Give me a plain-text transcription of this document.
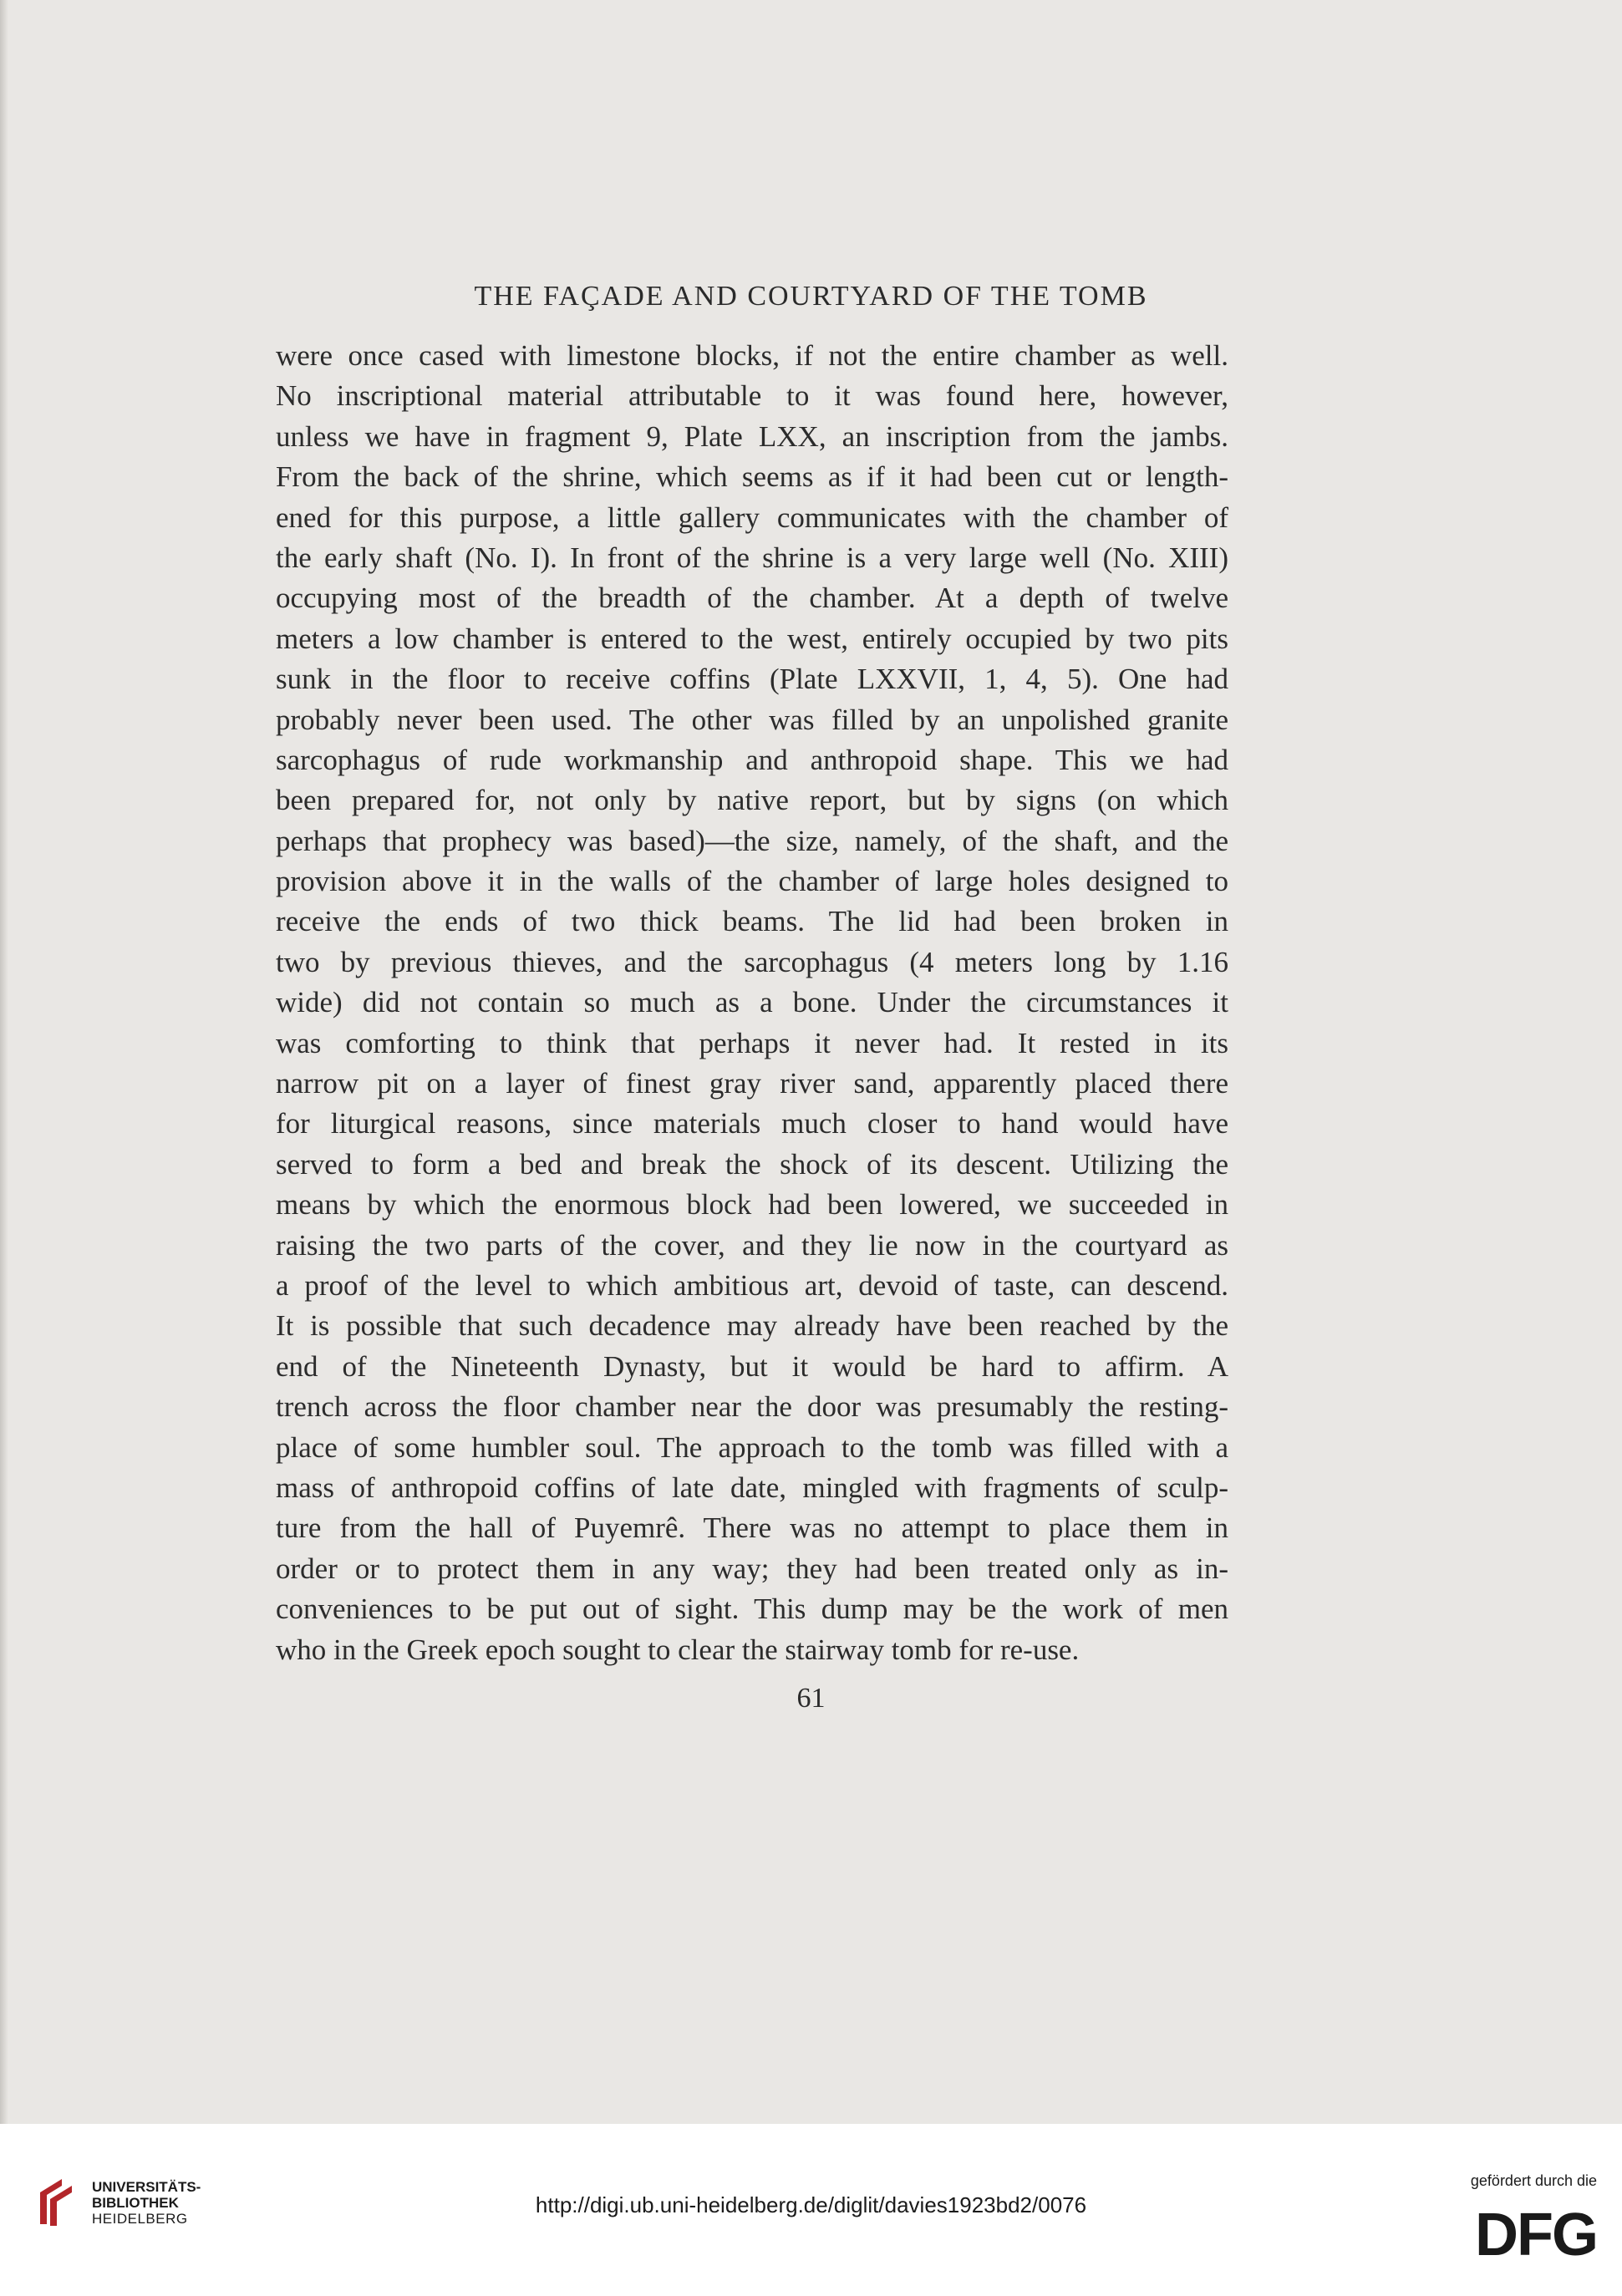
THE FAÇADE AND COURTYARD OF THE TOMB
were once cased with limestone blocks, if not the entire chamber as well.
No inscriptional material attributable to it was found here, however,
unless we have in fragment 9, Plate LXX, an inscription from the jambs.
From the back of the shrine, which seems as if it had been cut or length-
ened for this purpose, a little gallery communicates with the chamber of
the early shaft (No. I). In front of the shrine is a very large well (No. XIII)
occupying most of the breadth of the chamber. At a depth of twelve
meters a low chamber is entered to the west, entirely occupied by two pits
sunk in the floor to receive coffins (Plate LXXVII, 1, 4, 5). One had
probably never been used. The other was filled by an unpolished granite
sarcophagus of rude workmanship and anthropoid shape. This we had
been prepared for, not only by native report, but by signs (on which
perhaps that prophecy was based)—the size, namely, of the shaft, and the
provision above it in the walls of the chamber of large holes designed to
receive the ends of two thick beams. The lid had been broken in
two by previous thieves, and the sarcophagus (4 meters long by 1.16
wide) did not contain so much as a bone. Under the circumstances it
was comforting to think that perhaps it never had. It rested in its
narrow pit on a layer of finest gray river sand, apparently placed there
for liturgical reasons, since materials much closer to hand would have
served to form a bed and break the shock of its descent. Utilizing the
means by which the enormous block had been lowered, we succeeded in
raising the two parts of the cover, and they lie now in the courtyard as
a proof of the level to which ambitious art, devoid of taste, can descend.
It is possible that such decadence may already have been reached by the
end of the Nineteenth Dynasty, but it would be hard to affirm. A
trench across the floor chamber near the door was presumably the resting-
place of some humbler soul. The approach to the tomb was filled with a
mass of anthropoid coffins of late date, mingled with fragments of sculp-
ture from the hall of Puyemrê. There was no attempt to place them in
order or to protect them in any way; they had been treated only as in-
conveniences to be put out of sight. This dump may be the work of men
who in the Greek epoch sought to clear the stairway tomb for re-use.
61
UNIVERSITÄTS-
BIBLIOTHEK
HEIDELBERG
http://digi.ub.uni-heidelberg.de/diglit/davies1923bd2/0076
gefördert durch die
DFG
